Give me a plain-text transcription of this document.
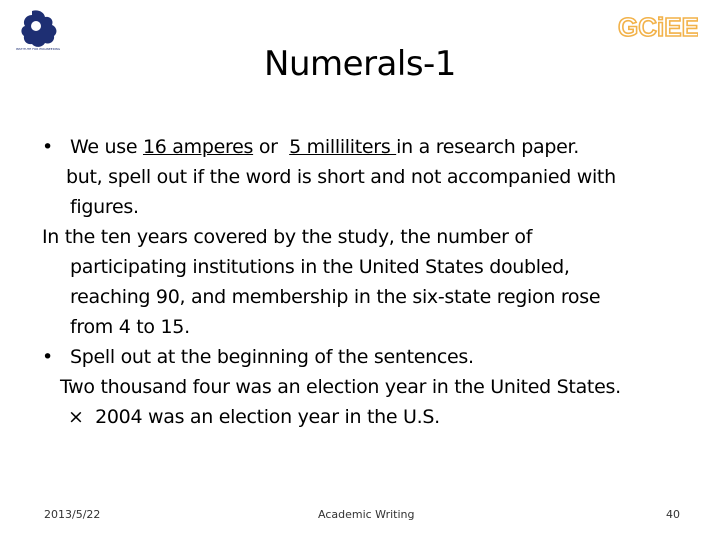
INSTITUTE FOR ENGINEERING
GCiEE
Numerals-1
• We use 16 amperes or  5 milliliters in a research paper.
but, spell out if the word is short and not accompanied with
figures.
In the ten years covered by the study, the number of
participating institutions in the United States doubled,
reaching 90, and membership in the six-state region rose
from 4 to 15.
• Spell out at the beginning of the sentences.
Two thousand four was an election year in the United States.
× 2004 was an election year in the U.S.
2013/5/22	Academic Writing	40
